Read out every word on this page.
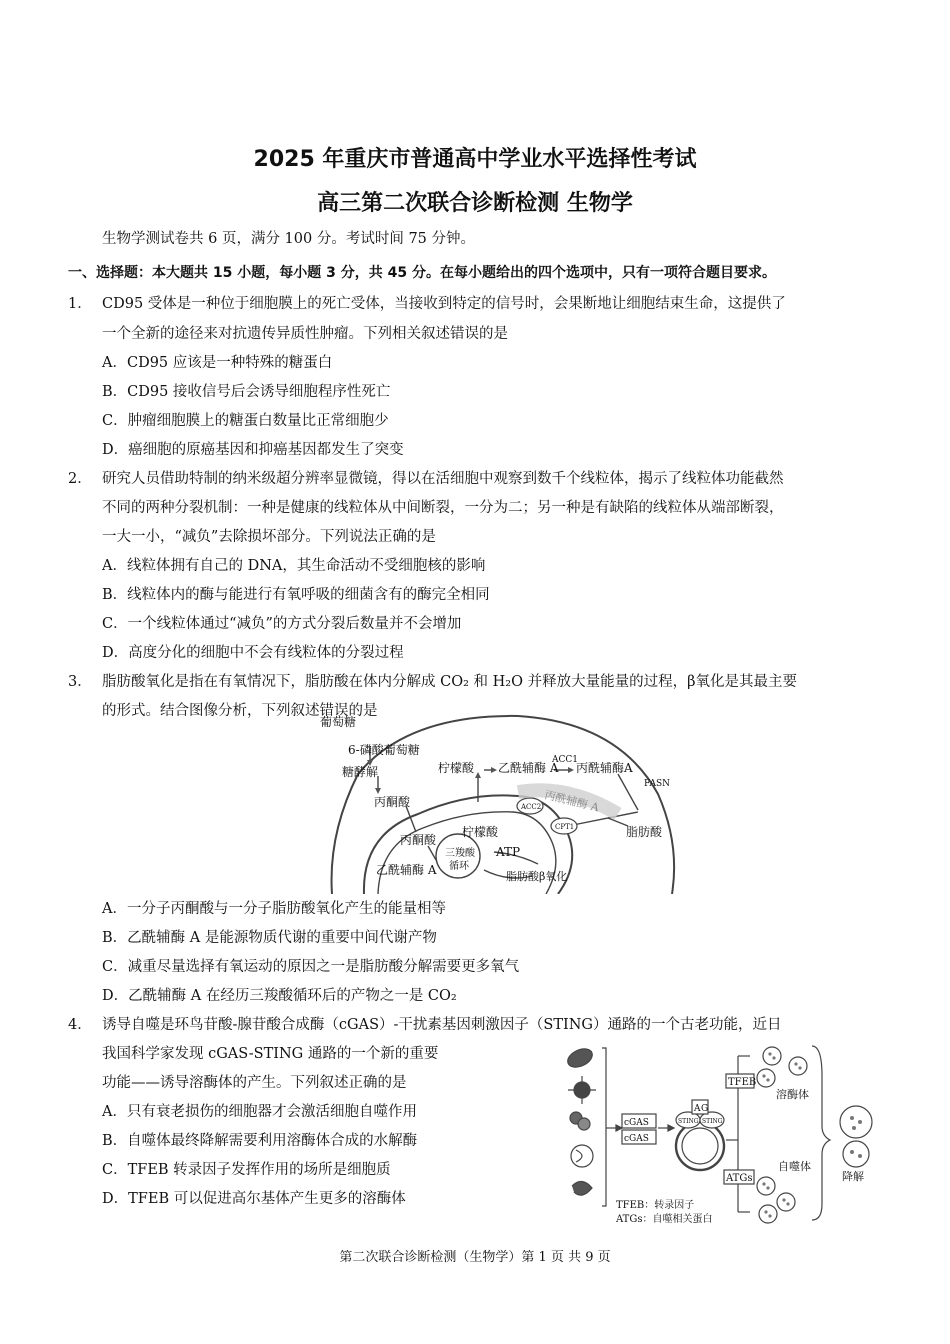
2025 年重庆市普通高中学业水平选择性考试
高三第二次联合诊断检测 生物学
生物学测试卷共 6 页，满分 100 分。考试时间 75 分钟。
一、选择题：本大题共 15 小题，每小题 3 分，共 45 分。在每小题给出的四个选项中，只有一项符合题目要求。
1． CD95 受体是一种位于细胞膜上的死亡受体，当接收到特定的信号时，会果断地让细胞结束生命，这提供了
一个全新的途径来对抗遗传异质性肿瘤。下列相关叙述错误的是
A．CD95 应该是一种特殊的糖蛋白
B．CD95 接收信号后会诱导细胞程序性死亡
C．肿瘤细胞膜上的糖蛋白数量比正常细胞少
D．癌细胞的原癌基因和抑癌基因都发生了突变
2． 研究人员借助特制的纳米级超分辨率显微镜，得以在活细胞中观察到数千个线粒体，揭示了线粒体功能截然
不同的两种分裂机制：一种是健康的线粒体从中间断裂，一分为二；另一种是有缺陷的线粒体从端部断裂，
一大一小，“减负”去除损坏部分。下列说法正确的是
A．线粒体拥有自己的 DNA，其生命活动不受细胞核的影响
B．线粒体内的酶与能进行有氧呼吸的细菌含有的酶完全相同
C．一个线粒体通过“减负”的方式分裂后数量并不会增加
D．高度分化的细胞中不会有线粒体的分裂过程
3． 脂肪酸氧化是指在有氧情况下，脂肪酸在体内分解成 CO₂ 和 H₂O 并释放大量能量的过程，β氧化是其最主要
的形式。结合图像分析，下列叙述错误的是
葡萄糖
6-磷酸葡萄糖
糖酵解
丙酮酸
柠檬酸 乙酰辅酶 A
ACC1
丙酰辅酶A
FASN
丙酰辅酶 A
ACC2
CPT1	脂肪酸
丙酮酸
柠檬酸
三羧酸
循环
ATP
乙酰辅酶 A	脂肪酸β氧化
A．一分子丙酮酸与一分子脂肪酸氧化产生的能量相等
B．乙酰辅酶 A 是能源物质代谢的重要中间代谢产物
C．减重尽量选择有氧运动的原因之一是脂肪酸分解需要更多氧气
D．乙酰辅酶 A 在经历三羧酸循环后的产物之一是 CO₂
4． 诱导自噬是环鸟苷酸-腺苷酸合成酶（cGAS）-干扰素基因刺激因子（STING）通路的一个古老功能，近日
我国科学家发现 cGAS-STING 通路的一个新的重要
功能——诱导溶酶体的产生。下列叙述正确的是
A．只有衰老损伤的细胞器才会激活细胞自噬作用
B．自噬体最终降解需要利用溶酶体合成的水解酶
C．TFEB 转录因子发挥作用的场所是细胞质
D．TFEB 可以促进高尔基体产生更多的溶酶体
TFEB
溶酶体
cGAS
cGAS
A G
STING STING
ATGs
自噬体
降解
TFEB：转录因子
ATGs：自噬相关蛋白
第二次联合诊断检测（生物学）第 1 页 共 9 页
